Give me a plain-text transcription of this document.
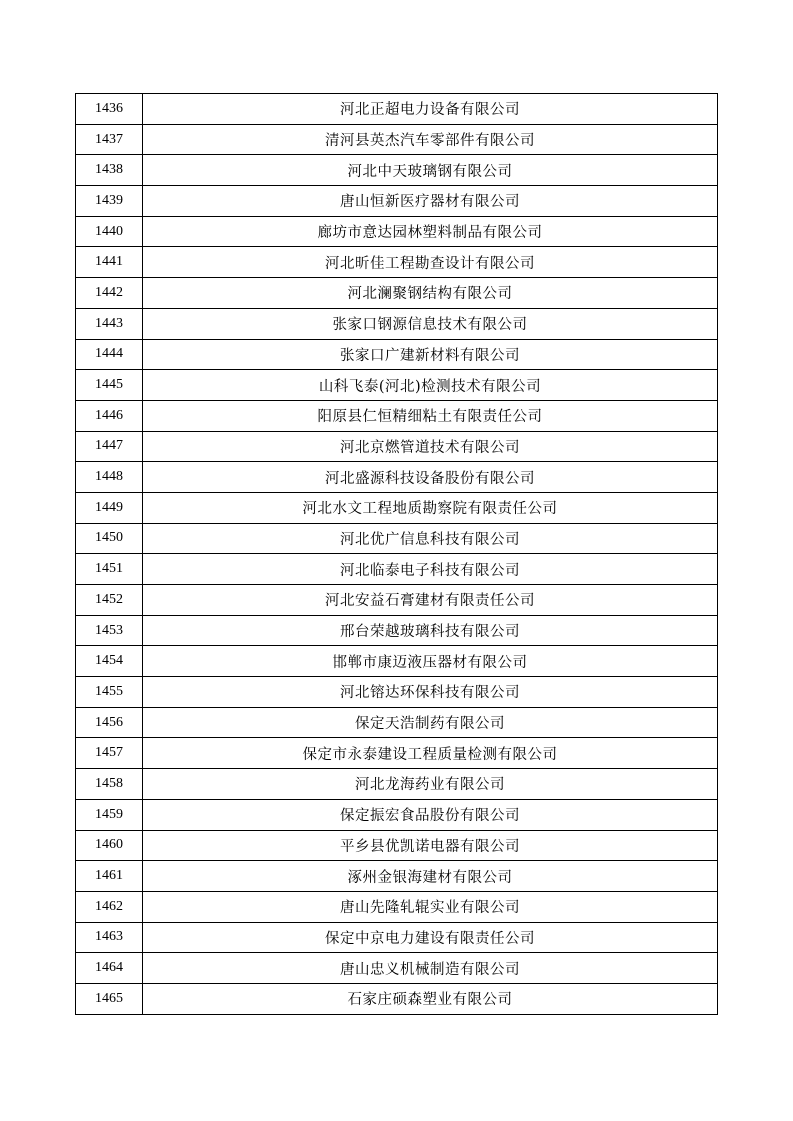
1436	河北正超电力设备有限公司
1437	清河县英杰汽车零部件有限公司
1438	河北中天玻璃钢有限公司
1439	唐山恒新医疗器材有限公司
1440	廊坊市意达园林塑料制品有限公司
1441	河北昕佳工程勘查设计有限公司
1442	河北澜聚钢结构有限公司
1443	张家口钢源信息技术有限公司
1444	张家口广建新材料有限公司
1445	山科飞泰(河北)检测技术有限公司
1446	阳原县仁恒精细粘土有限责任公司
1447	河北京燃管道技术有限公司
1448	河北盛源科技设备股份有限公司
1449	河北水文工程地质勘察院有限责任公司
1450	河北优广信息科技有限公司
1451	河北临泰电子科技有限公司
1452	河北安益石膏建材有限责任公司
1453	邢台荣越玻璃科技有限公司
1454	邯郸市康迈液压器材有限公司
1455	河北镕达环保科技有限公司
1456	保定天浩制药有限公司
1457	保定市永泰建设工程质量检测有限公司
1458	河北龙海药业有限公司
1459	保定振宏食品股份有限公司
1460	平乡县优凯诺电器有限公司
1461	涿州金银海建材有限公司
1462	唐山先隆轧辊实业有限公司
1463	保定中京电力建设有限责任公司
1464	唐山忠义机械制造有限公司
1465	石家庄硕森塑业有限公司
